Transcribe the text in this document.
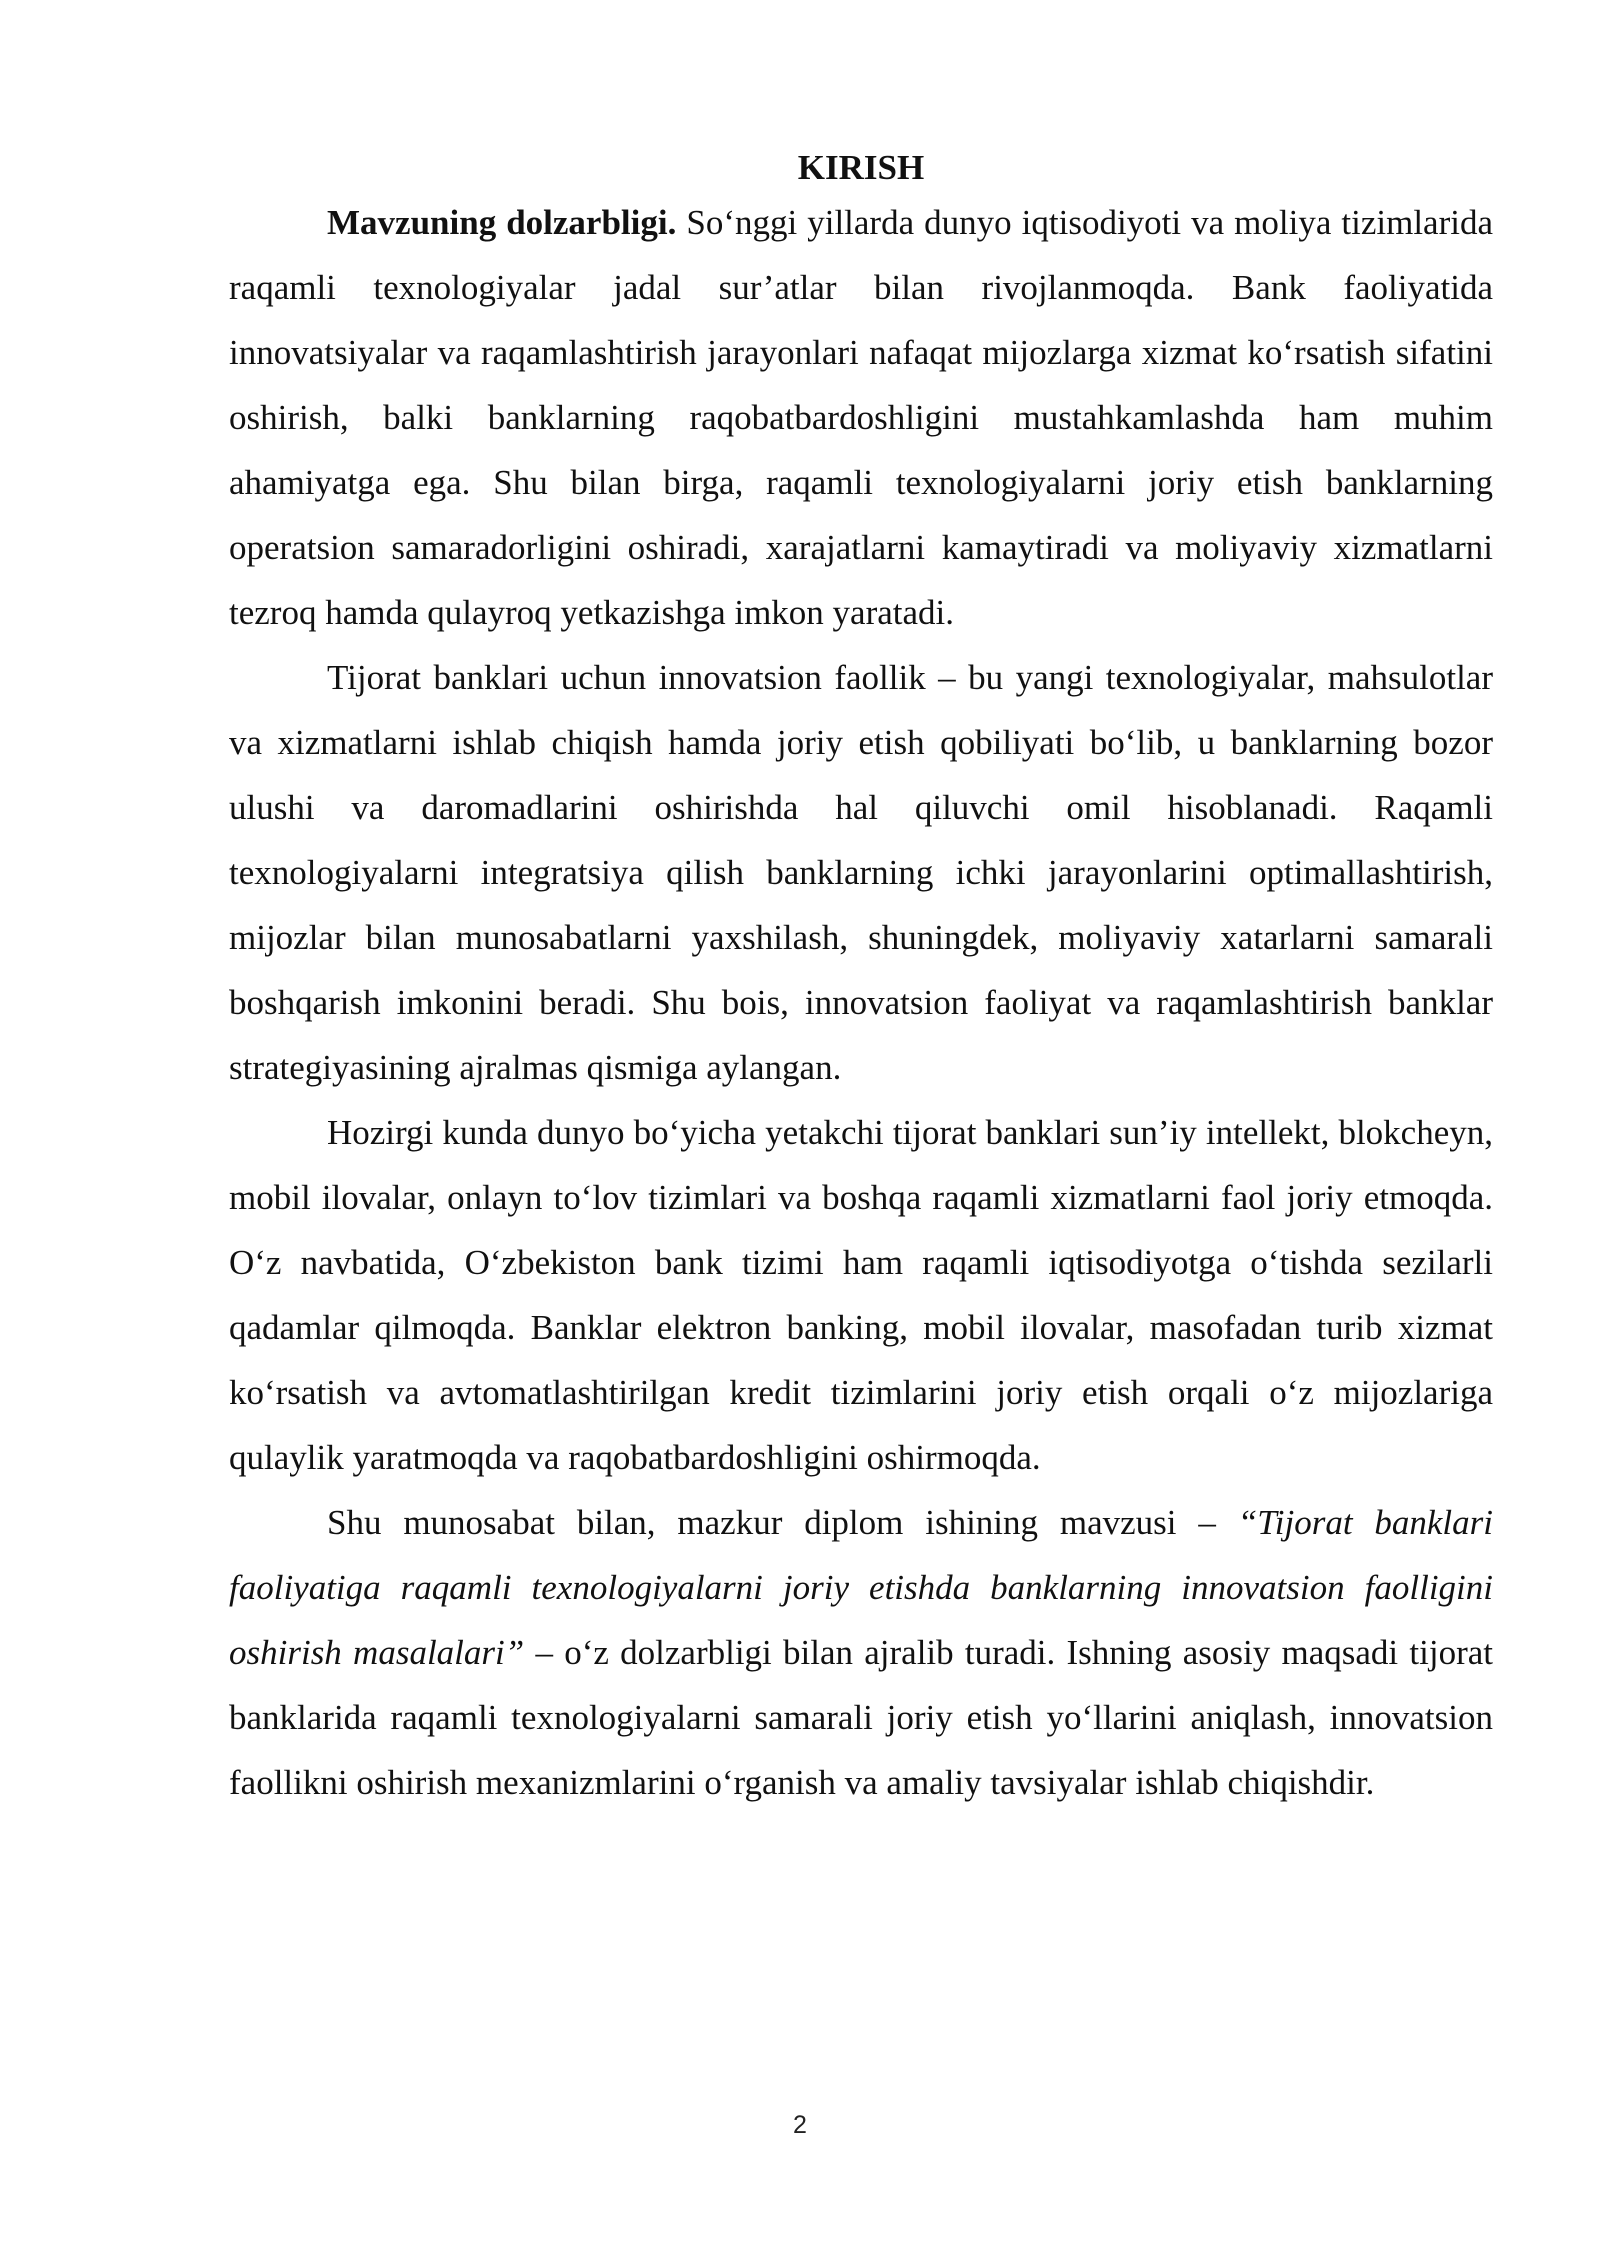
KIRISH

Mavzuning dolzarbligi. So‘nggi yillarda dunyo iqtisodiyoti va moliya tizimlarida raqamli texnologiyalar jadal sur’atlar bilan rivojlanmoqda. Bank faoliyatida innovatsiyalar va raqamlashtirish jarayonlari nafaqat mijozlarga xizmat ko‘rsatish sifatini oshirish, balki banklarning raqobatbardoshligini mustahkamlashda ham muhim ahamiyatga ega. Shu bilan birga, raqamli texnologiyalarni joriy etish banklarning operatsion samaradorligini oshiradi, xarajatlarni kamaytiradi va moliyaviy xizmatlarni tezroq hamda qulayroq yetkazishga imkon yaratadi.

Tijorat banklari uchun innovatsion faollik – bu yangi texnologiyalar, mahsulotlar va xizmatlarni ishlab chiqish hamda joriy etish qobiliyati bo‘lib, u banklarning bozor ulushi va daromadlarini oshirishda hal qiluvchi omil hisoblanadi. Raqamli texnologiyalarni integratsiya qilish banklarning ichki jarayonlarini optimallashtirish, mijozlar bilan munosabatlarni yaxshilash, shuningdek, moliyaviy xatarlarni samarali boshqarish imkonini beradi. Shu bois, innovatsion faoliyat va raqamlashtirish banklar strategiyasining ajralmas qismiga aylangan.

Hozirgi kunda dunyo bo‘yicha yetakchi tijorat banklari sun’iy intellekt, blokcheyn, mobil ilovalar, onlayn to‘lov tizimlari va boshqa raqamli xizmatlarni faol joriy etmoqda. O‘z navbatida, O‘zbekiston bank tizimi ham raqamli iqtisodiyotga o‘tishda sezilarli qadamlar qilmoqda. Banklar elektron banking, mobil ilovalar, masofadan turib xizmat ko‘rsatish va avtomatlashtirilgan kredit tizimlarini joriy etish orqali o‘z mijozlariga qulaylik yaratmoqda va raqobatbardoshligini oshirmoqda.

Shu munosabat bilan, mazkur diplom ishining mavzusi – “Tijorat banklari faoliyatiga raqamli texnologiyalarni joriy etishda banklarning innovatsion faolligini oshirish masalalari” – o‘z dolzarbligi bilan ajralib turadi. Ishning asosiy maqsadi tijorat banklarida raqamli texnologiyalarni samarali joriy etish yo‘llarini aniqlash, innovatsion faollikni oshirish mexanizmlarini o‘rganish va amaliy tavsiyalar ishlab chiqishdir.

2
